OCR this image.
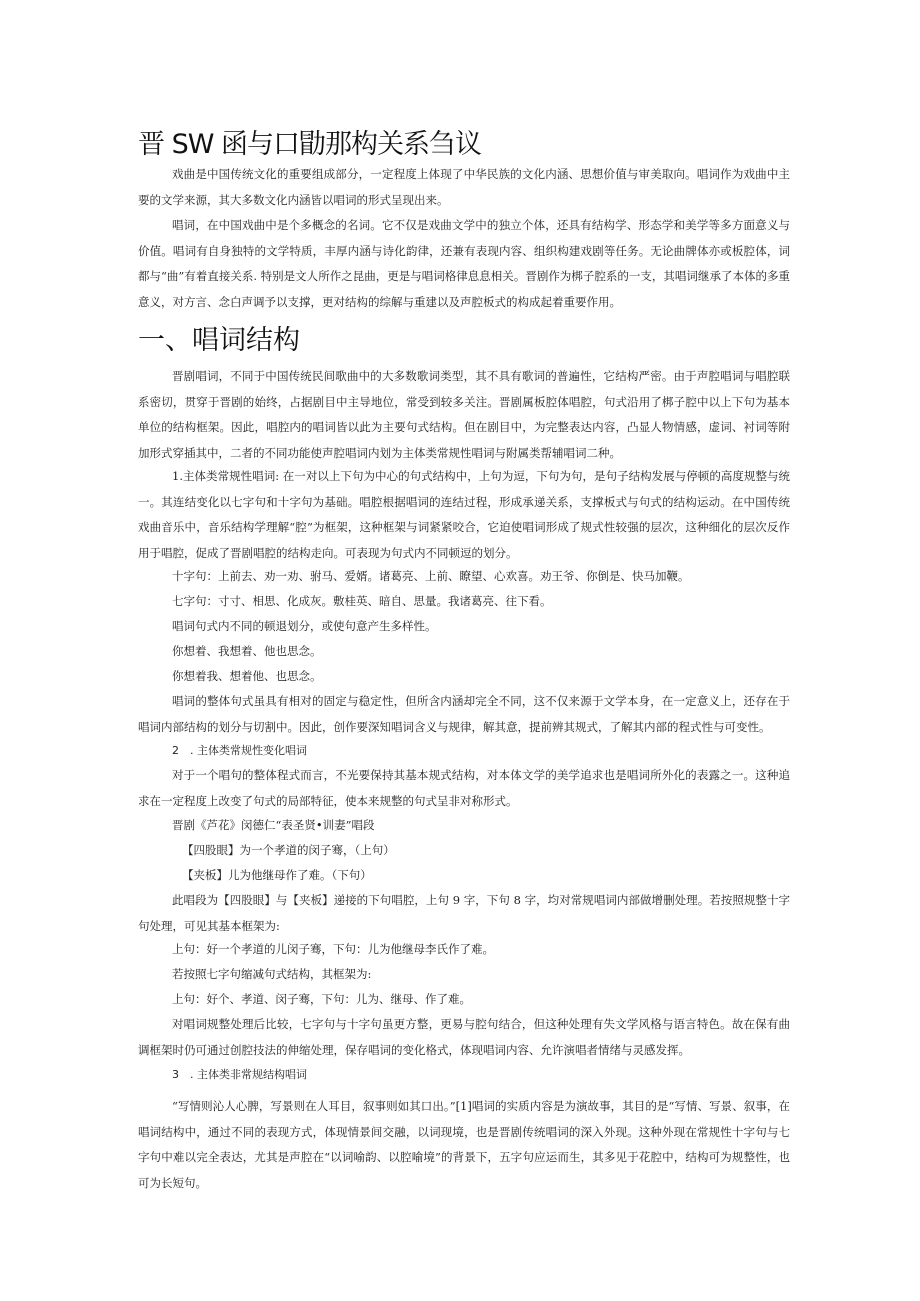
晋 SW 函与口勖那构关系刍议
戏曲是中国传统文化的重要组成部分，一定程度上体现了中华民族的文化内涵、思想价值与审美取向。唱词作为戏曲中主要的文学来源，其大多数文化内涵皆以唱词的形式呈现出来。
唱词，在中国戏曲中是个多概念的名词。它不仅是戏曲文学中的独立个体，还具有结构学、形态学和美学等多方面意义与价值。唱词有自身独特的文学特质，丰厚内涵与诗化韵律，还兼有表现内容、组织构建戏剧等任务。无论曲牌体亦或板腔体，词都与“曲”有着直接关系. 特别是文人所作之昆曲，更是与唱词格律息息相关。晋剧作为梆子腔系的一支，其唱词继承了本体的多重意义，对方言、念白声调予以支撑，更对结构的综解与重建以及声腔板式的构成起着重要作用。
一、唱词结构
晋剧唱词，不同于中国传统民间歌曲中的大多数歌词类型，其不具有歌词的普遍性，它结构严密。由于声腔唱词与唱腔联系密切，贯穿于晋剧的始终，占据剧目中主导地位，常受到较多关注。晋剧属板腔体唱腔，句式沿用了梆子腔中以上下句为基本单位的结构框架。因此，唱腔内的唱词皆以此为主要句式结构。但在剧目中，为完整表达内容，凸显人物情感，虚词、衬词等附加形式穿插其中，二者的不同功能使声腔唱词内划为主体类常规性唱词与附属类帮辅唱词二种。
1.主体类常规性唱词: 在一对以上下句为中心的句式结构中，上句为逗，下句为句，是句子结构发展与停顿的高度规整与统一。其连结变化以七字句和十字句为基础。唱腔根据唱词的连结过程，形成承递关系，支撑板式与句式的结构运动。在中国传统戏曲音乐中，音乐结构学理解“腔”为框架，这种框架与词紧紧咬合，它迫使唱词形成了规式性较强的层次，这种细化的层次反作用于唱腔，促成了晋剧唱腔的结构走向。可表现为句式内不同顿逗的划分。
十字句：上前去、劝一劝、驸马、爱婿。诸葛亮、上前、瞭望、心欢喜。劝王爷、你倒是、快马加鞭。
七字句：寸寸、相思、化成灰。敷桂英、暗自、思量。我诸葛亮、往下看。
唱词句式内不同的顿退划分，或使句意产生多样性。
你想着、我想着、他也思念。
你想着我、想着他、也思念。
唱词的整体句式虽具有相对的固定与稳定性，但所含内涵却完全不同，这不仅来源于文学本身，在一定意义上，还存在于唱词内部结构的划分与切割中。因此，创作要深知唱词含义与规律，解其意，提前辨其规式，了解其内部的程式性与可变性。
2　. 主体类常规性变化唱词
对于一个唱句的整体程式而言，不光要保持其基本规式结构，对本体文学的美学追求也是唱词所外化的表露之一。这种追求在一定程度上改变了句式的局部特征，使本来规整的句式呈非对称形式。
晋剧《芦花》闵德仁“表圣贤•训妻”唱段
【四股眼】为一个孝道的闵子骞，（上句）
【夹板】儿为他继母作了难。（下句）
此唱段为【四股眼】与【夹板】递接的下句唱腔，上句 9 字，下句 8 字，均对常规唱词内部做增删处理。若按照规整十字句处理，可见其基本框架为:
上句：好一个孝道的儿闵子骞，下句：儿为他继母李氏作了难。
若按照七字句缩减句式结构，其框架为:
上句：好个、孝道、闵子骞，下句：儿为、继母、作了难。
对唱词规整处理后比较，七字句与十字句虽更方整，更易与腔句结合，但这种处理有失文学风格与语言特色。故在保有曲调框架时仍可通过创腔技法的伸缩处理，保存唱词的变化格式，体现唱词内容、允许演唱者情绪与灵感发挥。
3　. 主体类非常规结构唱词
“写情则沁人心脾，写景则在人耳目，叙事则如其口出。”[1]唱词的实质内容是为演故事，其目的是“写情、写景、叙事，在唱词结构中，通过不同的表现方式，体现情景间交融，以词现境，也是晋剧传统唱词的深入外现。这种外现在常规性十字句与七字句中难以完全表达，尤其是声腔在“以词喻韵、以腔喻境”的背景下，五字句应运而生，其多见于花腔中，结构可为规整性，也可为长短句。
